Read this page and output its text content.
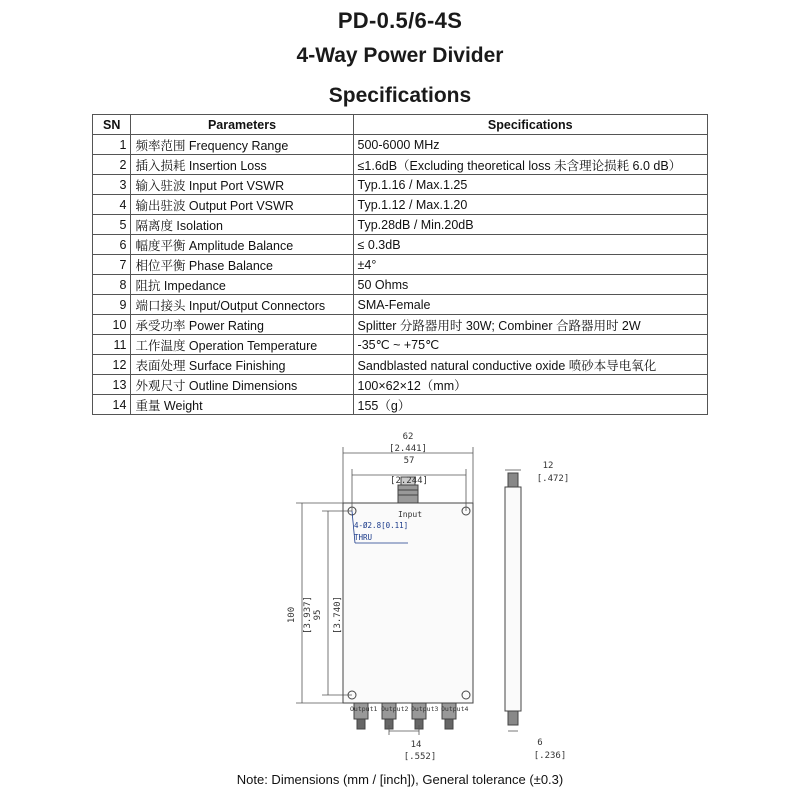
PD-0.5/6-4S
4-Way Power Divider
Specifications
SN	Parameters	Specifications
1	频率范围 Frequency Range	500-6000 MHz
2	插入损耗 Insertion Loss	≤1.6dB（Excluding theoretical loss 未含理论损耗 6.0 dB）
3	输入驻波 Input Port VSWR	Typ.1.16 / Max.1.25
4	输出驻波 Output Port VSWR	Typ.1.12 / Max.1.20
5	隔离度 Isolation	Typ.28dB / Min.20dB
6	幅度平衡 Amplitude Balance	≤ 0.3dB
7	相位平衡 Phase Balance	±4°
8	阻抗 Impedance	50 Ohms
9	端口接头 Input/Output Connectors	SMA-Female
10	承受功率 Power Rating	Splitter 分路器用时 30W; Combiner 合路器用时 2W
11	工作温度 Operation Temperature	-35℃ ~ +75℃
12	表面处理 Surface Finishing	Sandblasted natural conductive oxide 喷砂本导电氧化
13	外观尺寸 Outline Dimensions	100×62×12（mm）
14	重量 Weight	155（g）
62
[2.441]
57
[2.244]
12
[.472]
Input
4-Ø2.8[0.11]
THRU
Output1 Output2 Output3 Output4
14
[.552]
6
[.236]
100 [3.937] 95 [3.740]
Note: Dimensions (mm / [inch]), General tolerance (±0.3)
